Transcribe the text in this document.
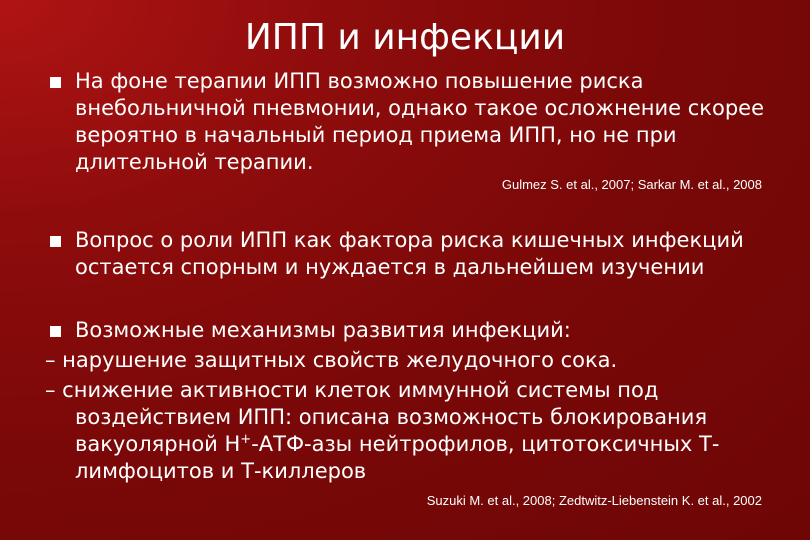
ИПП и инфекции
На фоне терапии ИПП возможно повышение риска
внебольничной пневмонии, однако такое осложнение скорее
вероятно в начальный период приема ИПП, но не при
длительной терапии.
Gulmez S. et al., 2007; Sarkar M. et al., 2008
Вопрос о роли ИПП как фактора риска кишечных инфекций
остается спорным и нуждается в дальнейшем изучении
Возможные механизмы развития инфекций:
– нарушение защитных свойств желудочного сока.
– снижение активности клеток иммунной системы под
воздействием ИПП: описана возможность блокирования
вакуолярной H+-АТФ-азы нейтрофилов, цитотоксичных Т-
лимфоцитов и Т-киллеров
Suzuki M. et al., 2008; Zedtwitz-Liebenstein K. et al., 2002
